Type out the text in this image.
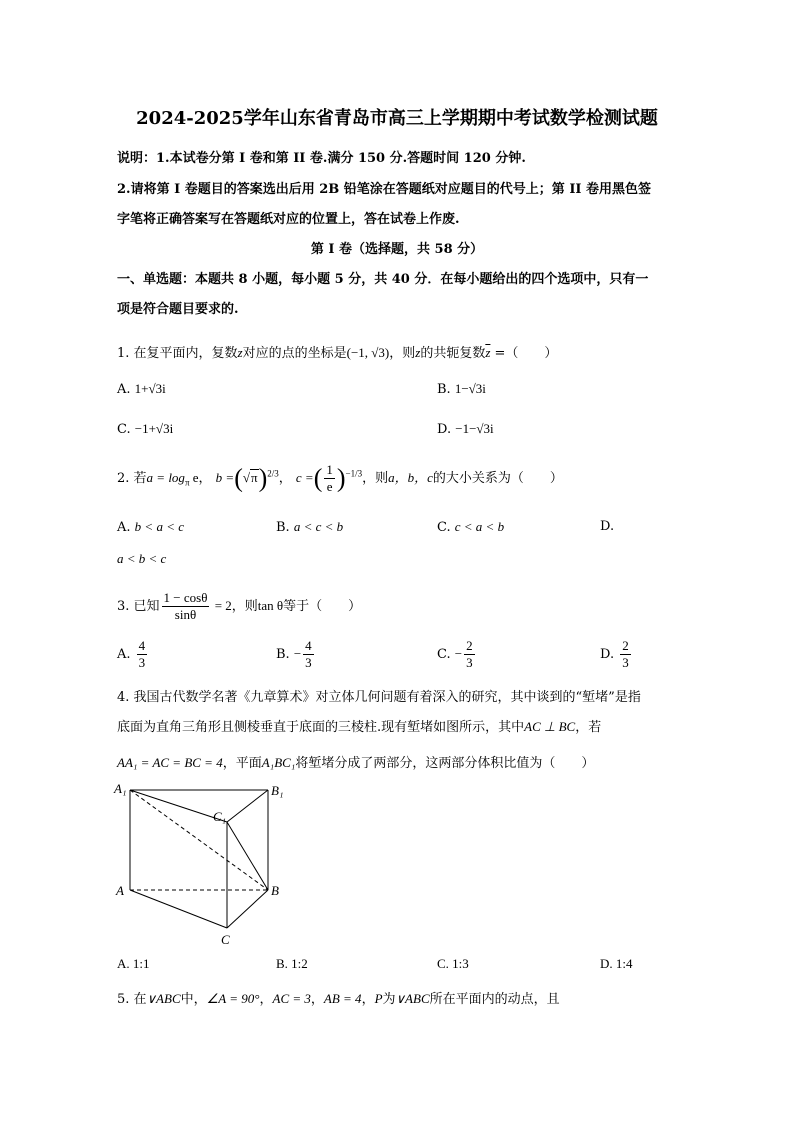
2024-2025学年山东省青岛市高三上学期期中考试数学检测试题
说明：1.本试卷分第 I 卷和第 II 卷.满分 150 分.答题时间 120 分钟.
2.请将第 I 卷题目的答案选出后用 2B 铅笔涂在答题纸对应题目的代号上；第 II 卷用黑色签
字笔将正确答案写在答题纸对应的位置上，答在试卷上作废.
第 I 卷（选择题，共 58 分）
一、单选题：本题共 8 小题，每小题 5 分，共 40 分．在每小题给出的四个选项中，只有一
项是符合题目要求的.
1. 在复平面内，复数z对应的点的坐标是(−1, √3)，则z的共轭复数$\overline{z}$ =（　　）
A. 1+√3i	B. 1−√3i
C. −1+√3i	D. −1−√3i
2. 若$a = \log_\pi e$， $b =(√\pi)^{2/3}$， c =( $\frac{1}{e} )^{-1/3}$，则a，b，c的大小关系为（　　）
A. b < a < c	B. a < c < b	C. c < a < b	D.
a < b < c
3. 已知 $\frac{1 - \cos\theta}{\sin\theta} = 2$，则tan θ等于（　　）
A. $\frac{4}{3}$	B. − $\frac{4}{3}$	C. − $\frac{2}{3}$	D. $\frac{2}{3}$
4. 我国古代数学名著《九章算术》对立体几何问题有着深入的研究，其中谈到的“堑堵”是指
底面为直角三角形且侧棱垂直于底面的三棱柱.现有堑堵如图所示，其中AC ⊥ BC，若
AA₁ = AC = BC = 4，平面A₁BC₁将堑堵分成了两部分，这两部分体积比值为（　　）
A₁	B₁
C₁
A	B
C
A. 1:1	B. 1:2	C. 1:3	D. 1:4
5. 在∨ABC中，∠A = 90°，AC = 3，AB = 4，P为∨ABC所在平面内的动点，且
